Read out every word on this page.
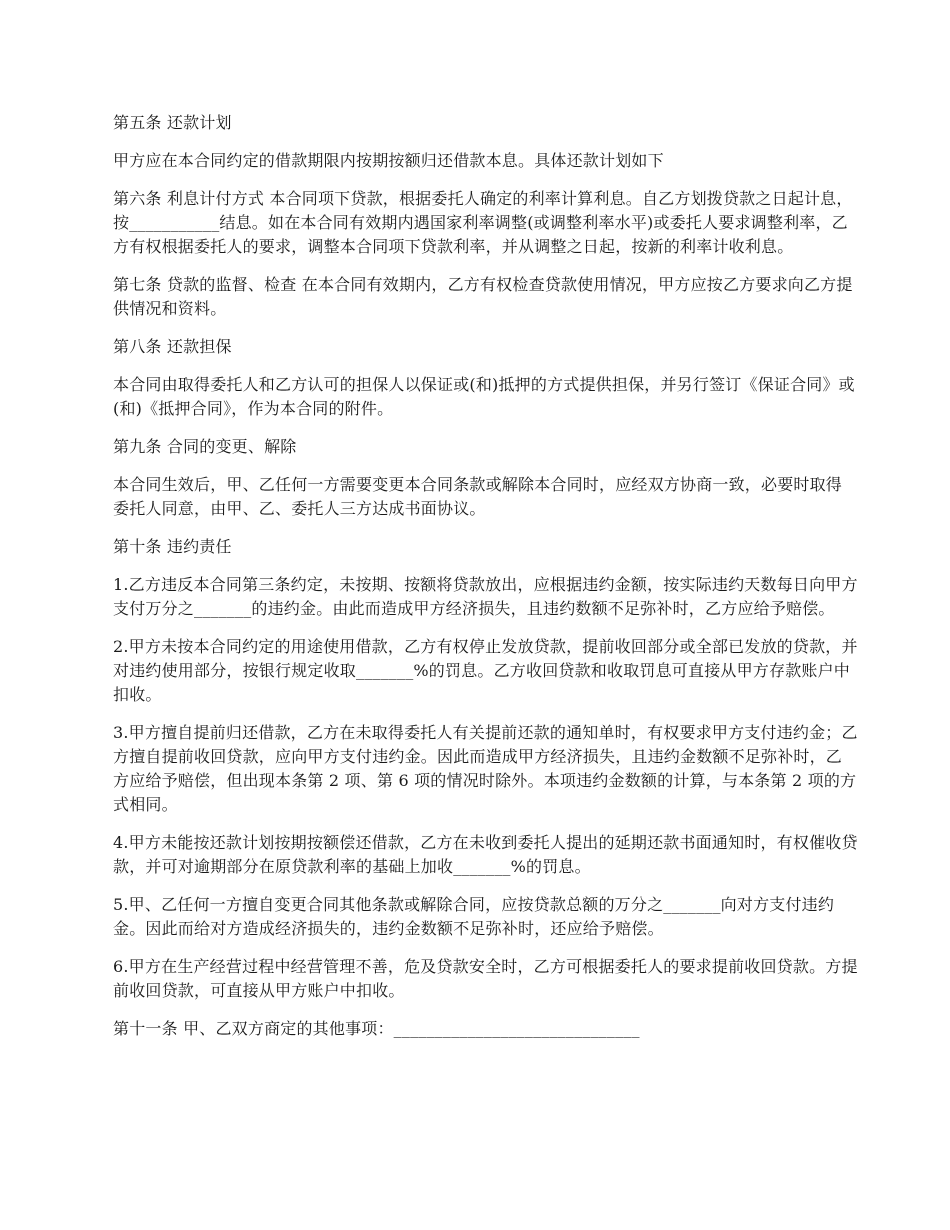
第五条 还款计划

甲方应在本合同约定的借款期限内按期按额归还借款本息。具体还款计划如下

第六条 利息计付方式 本合同项下贷款，根据委托人确定的利率计算利息。自乙方划拨贷款之日起计息，按___________结息。如在本合同有效期内遇国家利率调整(或调整利率水平)或委托人要求调整利率，乙方有权根据委托人的要求，调整本合同项下贷款利率，并从调整之日起，按新的利率计收利息。

第七条 贷款的监督、检查 在本合同有效期内，乙方有权检查贷款使用情况，甲方应按乙方要求向乙方提供情况和资料。

第八条 还款担保

本合同由取得委托人和乙方认可的担保人以保证或(和)抵押的方式提供担保，并另行签订《保证合同》或(和)《抵押合同》，作为本合同的附件。

第九条 合同的变更、解除

本合同生效后，甲、乙任何一方需要变更本合同条款或解除本合同时，应经双方协商一致，必要时取得委托人同意，由甲、乙、委托人三方达成书面协议。

第十条 违约责任

1.乙方违反本合同第三条约定，未按期、按额将贷款放出，应根据违约金额，按实际违约天数每日向甲方支付万分之_______的违约金。由此而造成甲方经济损失，且违约数额不足弥补时，乙方应给予赔偿。

2.甲方未按本合同约定的用途使用借款，乙方有权停止发放贷款，提前收回部分或全部已发放的贷款，并对违约使用部分，按银行规定收取_______%的罚息。乙方收回贷款和收取罚息可直接从甲方存款账户中扣收。

3.甲方擅自提前归还借款，乙方在未取得委托人有关提前还款的通知单时，有权要求甲方支付违约金；乙方擅自提前收回贷款，应向甲方支付违约金。因此而造成甲方经济损失，且违约金数额不足弥补时，乙方应给予赔偿，但出现本条第 2 项、第 6 项的情况时除外。本项违约金数额的计算，与本条第 2 项的方式相同。

4.甲方未能按还款计划按期按额偿还借款，乙方在未收到委托人提出的延期还款书面通知时，有权催收贷款，并可对逾期部分在原贷款利率的基础上加收_______%的罚息。

5.甲、乙任何一方擅自变更合同其他条款或解除合同，应按贷款总额的万分之_______向对方支付违约金。因此而给对方造成经济损失的，违约金数额不足弥补时，还应给予赔偿。

6.甲方在生产经营过程中经营管理不善，危及贷款安全时，乙方可根据委托人的要求提前收回贷款。方提前收回贷款，可直接从甲方账户中扣收。

第十一条 甲、乙双方商定的其他事项：______________________________
